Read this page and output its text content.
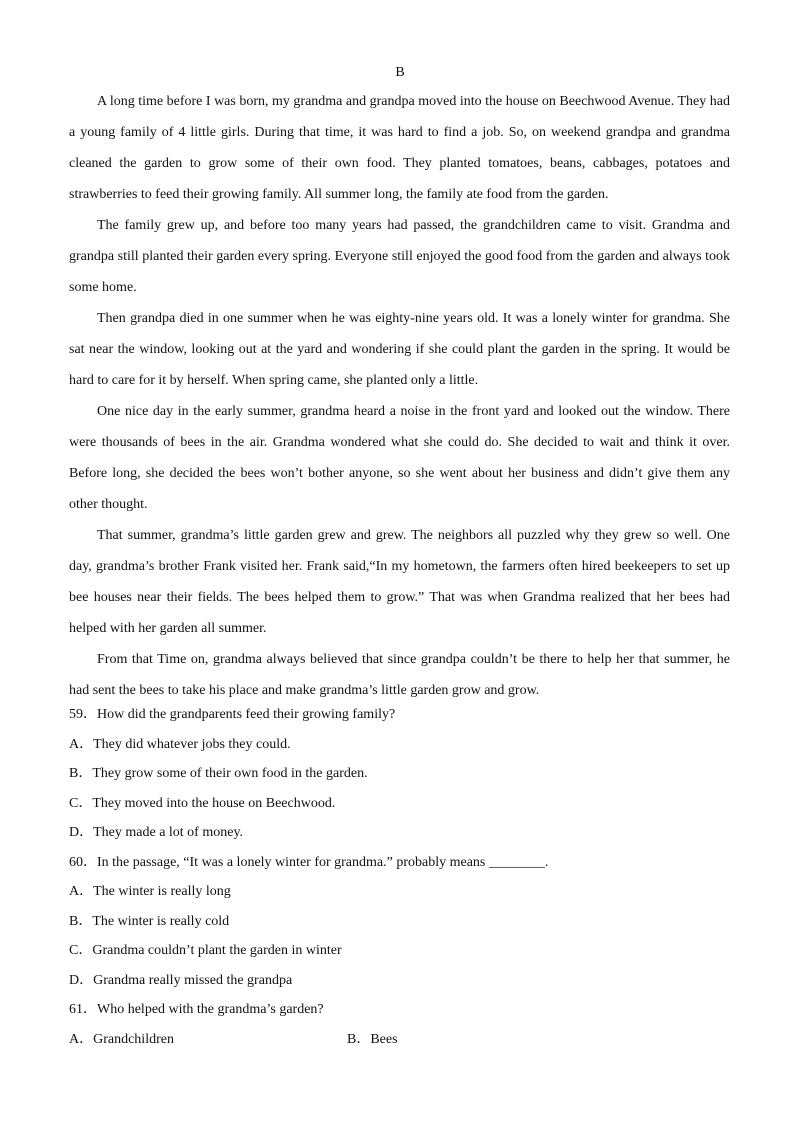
B

A long time before I was born, my grandma and grandpa moved into the house on Beechwood Avenue. They had a young family of 4 little girls. During that time, it was hard to find a job. So, on weekend grandpa and grandma cleaned the garden to grow some of their own food. They planted tomatoes, beans, cabbages, potatoes and strawberries to feed their growing family. All summer long, the family ate food from the garden.

The family grew up, and before too many years had passed, the grandchildren came to visit. Grandma and grandpa still planted their garden every spring. Everyone still enjoyed the good food from the garden and always took some home.

Then grandpa died in one summer when he was eighty-nine years old. It was a lonely winter for grandma. She sat near the window, looking out at the yard and wondering if she could plant the garden in the spring. It would be hard to care for it by herself. When spring came, she planted only a little.

One nice day in the early summer, grandma heard a noise in the front yard and looked out the window. There were thousands of bees in the air. Grandma wondered what she could do. She decided to wait and think it over. Before long, she decided the bees won’t bother anyone, so she went about her business and didn’t give them any other thought.

That summer, grandma’s little garden grew and grew. The neighbors all puzzled why they grew so well. One day, grandma’s brother Frank visited her. Frank said,“In my hometown, the farmers often hired beekeepers to set up bee houses near their fields. The bees helped them to grow.” That was when Grandma realized that her bees had helped with her garden all summer.

From that Time on, grandma always believed that since grandpa couldn’t be there to help her that summer, he had sent the bees to take his place and make grandma’s little garden grow and grow.

59．How did the grandparents feed their growing family?
A．They did whatever jobs they could.
B．They grow some of their own food in the garden.
C．They moved into the house on Beechwood.
D．They made a lot of money.
60．In the passage, “It was a lonely winter for grandma.” probably means ________.
A．The winter is really long
B．The winter is really cold
C．Grandma couldn’t plant the garden in winter
D．Grandma really missed the grandpa
61．Who helped with the grandma’s garden?
A．Grandchildren	B．Bees
